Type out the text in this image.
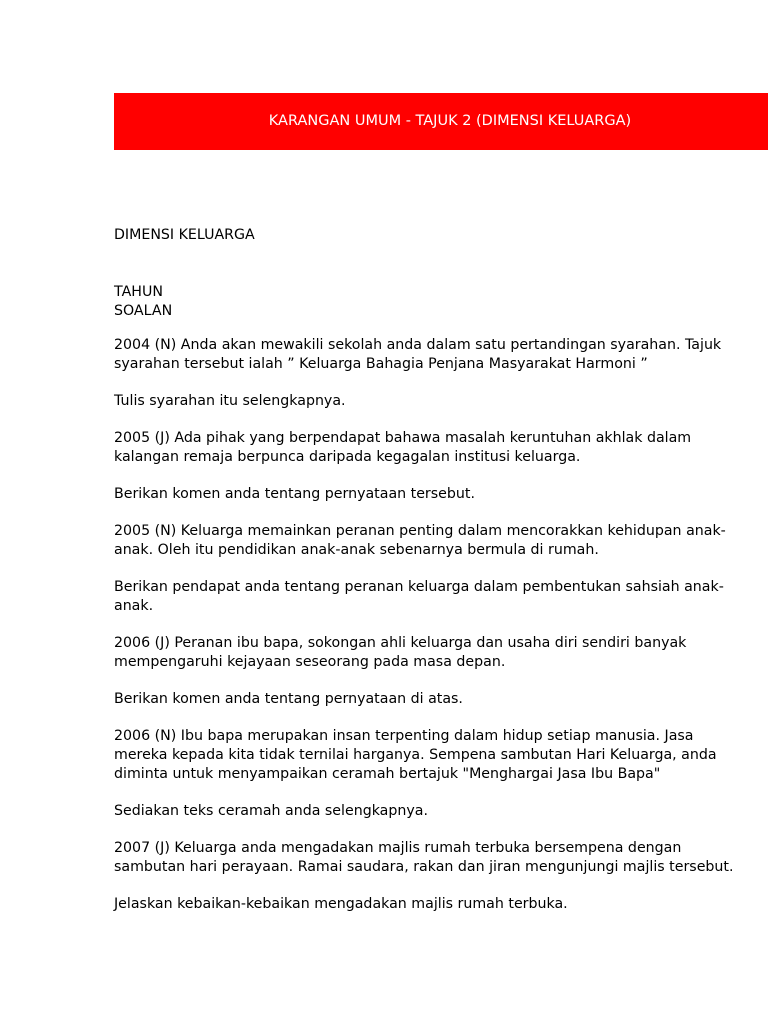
KARANGAN UMUM - TAJUK 2 (DIMENSI KELUARGA)
DIMENSI KELUARGA
TAHUN
SOALAN
2004 (N) Anda akan mewakili sekolah anda dalam satu pertandingan syarahan. Tajuk
syarahan tersebut ialah ” Keluarga Bahagia Penjana Masyarakat Harmoni ”
Tulis syarahan itu selengkapnya.
2005 (J) Ada pihak yang berpendapat bahawa masalah keruntuhan akhlak dalam
kalangan remaja berpunca daripada kegagalan institusi keluarga.
Berikan komen anda tentang pernyataan tersebut.
2005 (N) Keluarga memainkan peranan penting dalam mencorakkan kehidupan anak-
anak. Oleh itu pendidikan anak-anak sebenarnya bermula di rumah.
Berikan pendapat anda tentang peranan keluarga dalam pembentukan sahsiah anak-
anak.
2006 (J) Peranan ibu bapa, sokongan ahli keluarga dan usaha diri sendiri banyak
mempengaruhi kejayaan seseorang pada masa depan.
Berikan komen anda tentang pernyataan di atas.
2006 (N) Ibu bapa merupakan insan terpenting dalam hidup setiap manusia. Jasa
mereka kepada kita tidak ternilai harganya. Sempena sambutan Hari Keluarga, anda
diminta untuk menyampaikan ceramah bertajuk "Menghargai Jasa Ibu Bapa"
Sediakan teks ceramah anda selengkapnya.
2007 (J) Keluarga anda mengadakan majlis rumah terbuka bersempena dengan
sambutan hari perayaan. Ramai saudara, rakan dan jiran mengunjungi majlis tersebut.
Jelaskan kebaikan-kebaikan mengadakan majlis rumah terbuka.
